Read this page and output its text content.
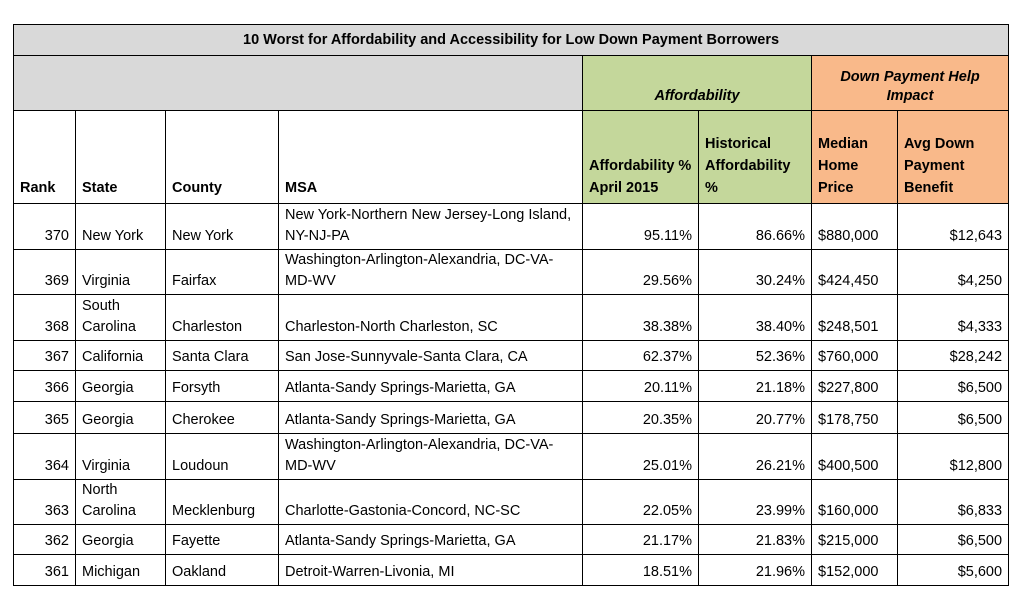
10 Worst for Affordability and Accessibility for Low Down Payment Borrowers							
				Affordability		Down Payment Help Impact	
Rank	State	County	MSA	Affordability % April 2015	Historical Affordability %	Median Home Price	Avg Down Payment Benefit
370	New York	New York	New York-Northern New Jersey-Long Island, NY-NJ-PA	95.11%	86.66%	$880,000	$12,643
369	Virginia	Fairfax	Washington-Arlington-Alexandria, DC-VA-MD-WV	29.56%	30.24%	$424,450	$4,250
368	South Carolina	Charleston	Charleston-North Charleston, SC	38.38%	38.40%	$248,501	$4,333
367	California	Santa Clara	San Jose-Sunnyvale-Santa Clara, CA	62.37%	52.36%	$760,000	$28,242
366	Georgia	Forsyth	Atlanta-Sandy Springs-Marietta, GA	20.11%	21.18%	$227,800	$6,500
365	Georgia	Cherokee	Atlanta-Sandy Springs-Marietta, GA	20.35%	20.77%	$178,750	$6,500
364	Virginia	Loudoun	Washington-Arlington-Alexandria, DC-VA-MD-WV	25.01%	26.21%	$400,500	$12,800
363	North Carolina	Mecklenburg	Charlotte-Gastonia-Concord, NC-SC	22.05%	23.99%	$160,000	$6,833
362	Georgia	Fayette	Atlanta-Sandy Springs-Marietta, GA	21.17%	21.83%	$215,000	$6,500
361	Michigan	Oakland	Detroit-Warren-Livonia, MI	18.51%	21.96%	$152,000	$5,600
